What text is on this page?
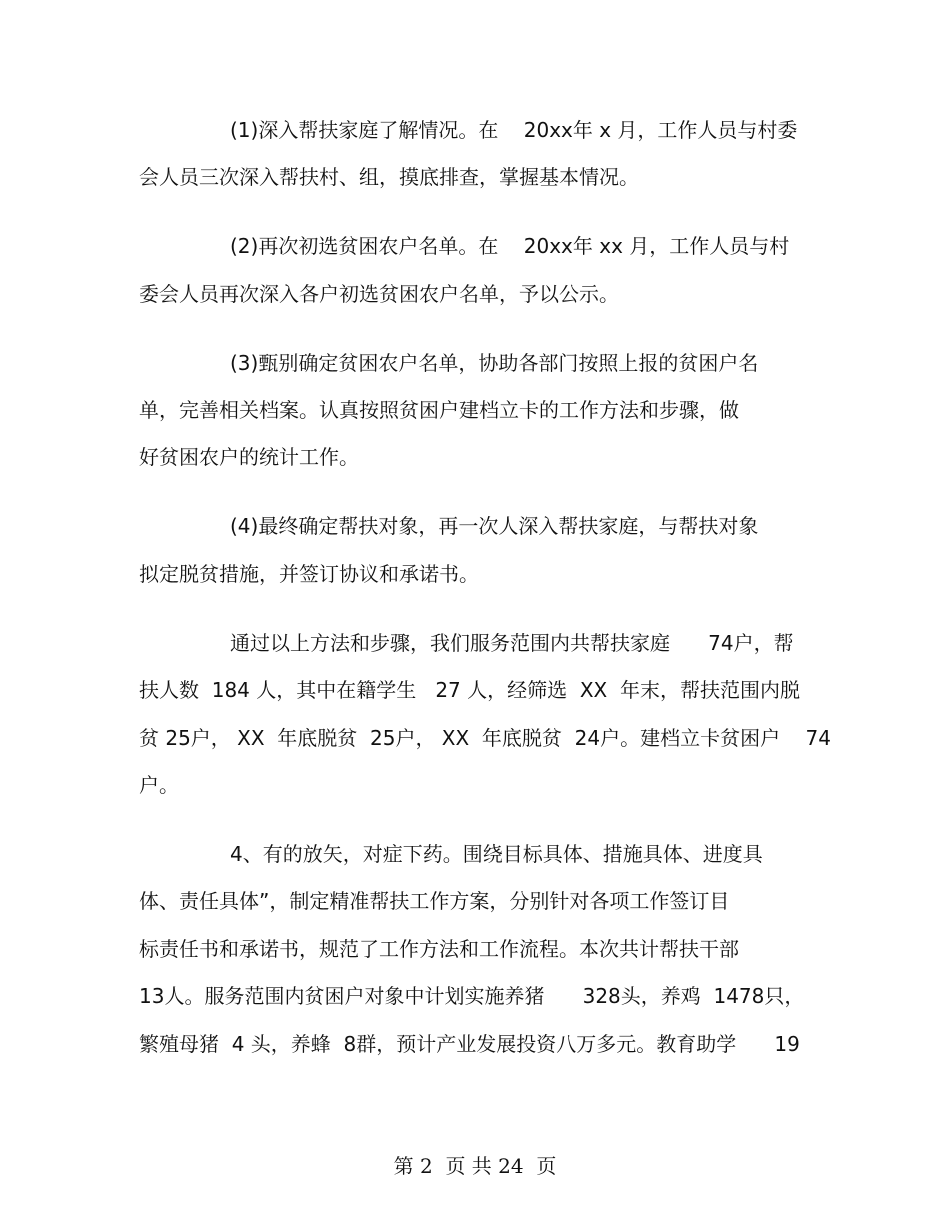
(1)深入帮扶家庭了解情况。在    20xx年 x 月，工作人员与村委
会人员三次深入帮扶村、组，摸底排查，掌握基本情况。
(2)再次初选贫困农户名单。在    20xx年 xx 月，工作人员与村
委会人员再次深入各户初选贫困农户名单，予以公示。
(3)甄别确定贫困农户名单，协助各部门按照上报的贫困户名
单，完善相关档案。认真按照贫困户建档立卡的工作方法和步骤，做
好贫困农户的统计工作。
(4)最终确定帮扶对象，再一次人深入帮扶家庭，与帮扶对象
拟定脱贫措施，并签订协议和承诺书。
通过以上方法和步骤，我们服务范围内共帮扶家庭      74户，帮
扶人数  184 人，其中在籍学生   27 人，经筛选  XX  年末，帮扶范围内脱
贫 25户， XX  年底脱贫  25户， XX  年底脱贫  24户。建档立卡贫困户    74
户。
4、有的放矢，对症下药。围绕目标具体、措施具体、进度具
体、责任具体”，制定精准帮扶工作方案，分别针对各项工作签订目
标责任书和承诺书，规范了工作方法和工作流程。本次共计帮扶干部
13人。服务范围内贫困户对象中计划实施养猪      328头，养鸡  1478只，
繁殖母猪  4 头，养蜂  8群，预计产业发展投资八万多元。教育助学      19
第 2  页 共 24  页
